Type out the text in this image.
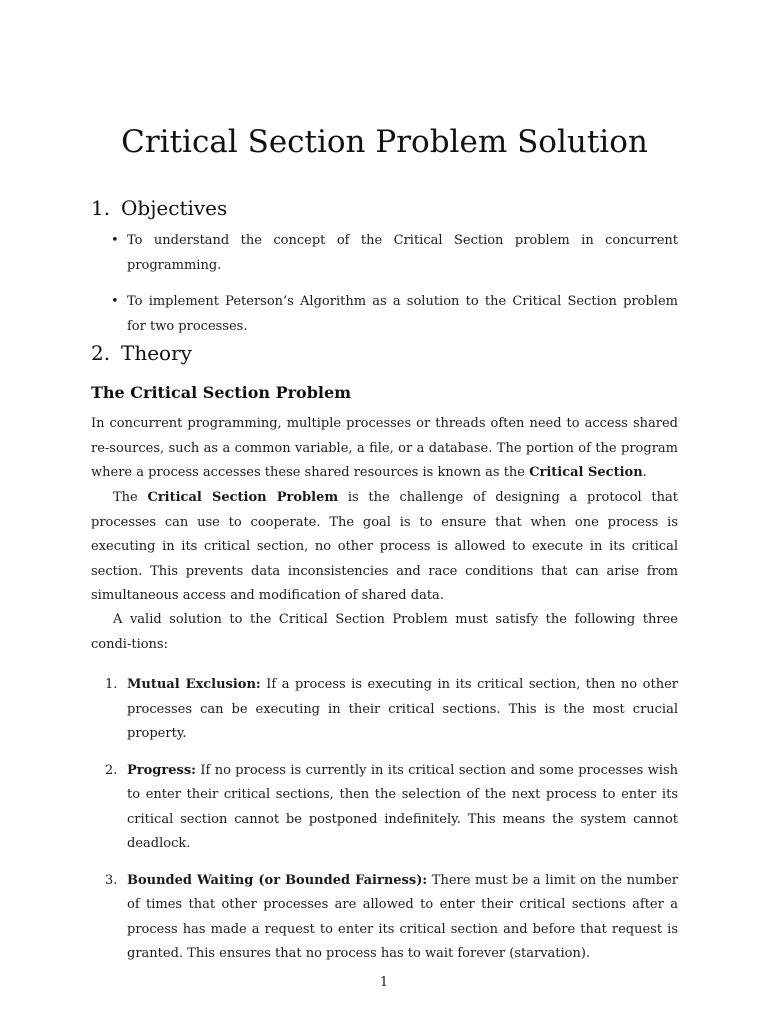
Critical Section Problem Solution
1. Objectives
• To understand the concept of the Critical Section problem in concurrent programming.
• To implement Peterson’s Algorithm as a solution to the Critical Section problem for two processes.
2. Theory
The Critical Section Problem

In concurrent programming, multiple processes or threads often need to access shared re-sources, such as a common variable, a file, or a database. The portion of the program where a process accesses these shared resources is known as the Critical Section.

The Critical Section Problem is the challenge of designing a protocol that processes can use to cooperate. The goal is to ensure that when one process is executing in its critical section, no other process is allowed to execute in its critical section. This prevents data inconsistencies and race conditions that can arise from simultaneous access and modification of shared data.

A valid solution to the Critical Section Problem must satisfy the following three condi-tions:

1. Mutual Exclusion: If a process is executing in its critical section, then no other processes can be executing in their critical sections. This is the most crucial property.
2. Progress: If no process is currently in its critical section and some processes wish to enter their critical sections, then the selection of the next process to enter its critical section cannot be postponed indefinitely. This means the system cannot deadlock.
3. Bounded Waiting (or Bounded Fairness): There must be a limit on the number of times that other processes are allowed to enter their critical sections after a process has made a request to enter its critical section and before that request is granted. This ensures that no process has to wait forever (starvation).
1
